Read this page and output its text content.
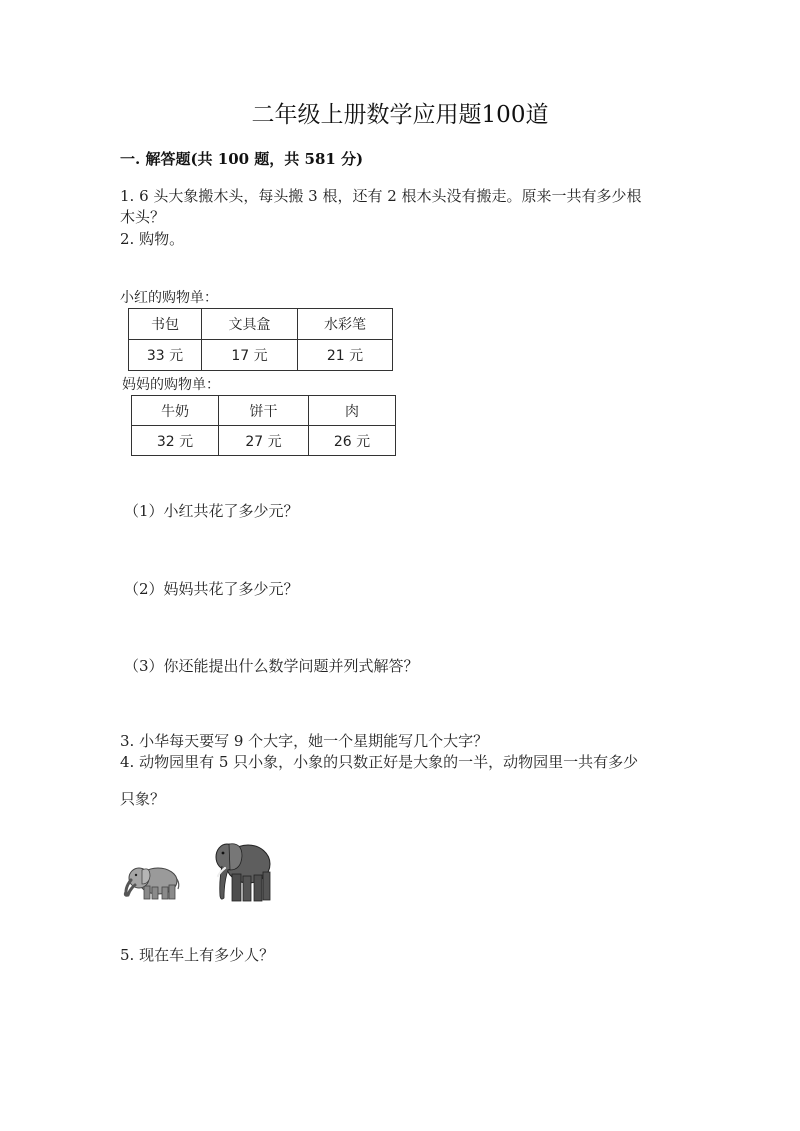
二年级上册数学应用题100道
一. 解答题(共 100 题，共 581 分)
1. 6 头大象搬木头，每头搬 3 根，还有 2 根木头没有搬走。原来一共有多少根
木头？
2. 购物。
小红的购物单：
书包	文具盒	水彩笔
33 元	17 元	21 元
妈妈的购物单：
牛奶	饼干	肉
32 元	27 元	26 元
（1）小红共花了多少元？
（2）妈妈共花了多少元？
（3）你还能提出什么数学问题并列式解答？
3. 小华每天要写 9 个大字，她一个星期能写几个大字？
4. 动物园里有 5 只小象，小象的只数正好是大象的一半，动物园里一共有多少
只象？
5. 现在车上有多少人？
